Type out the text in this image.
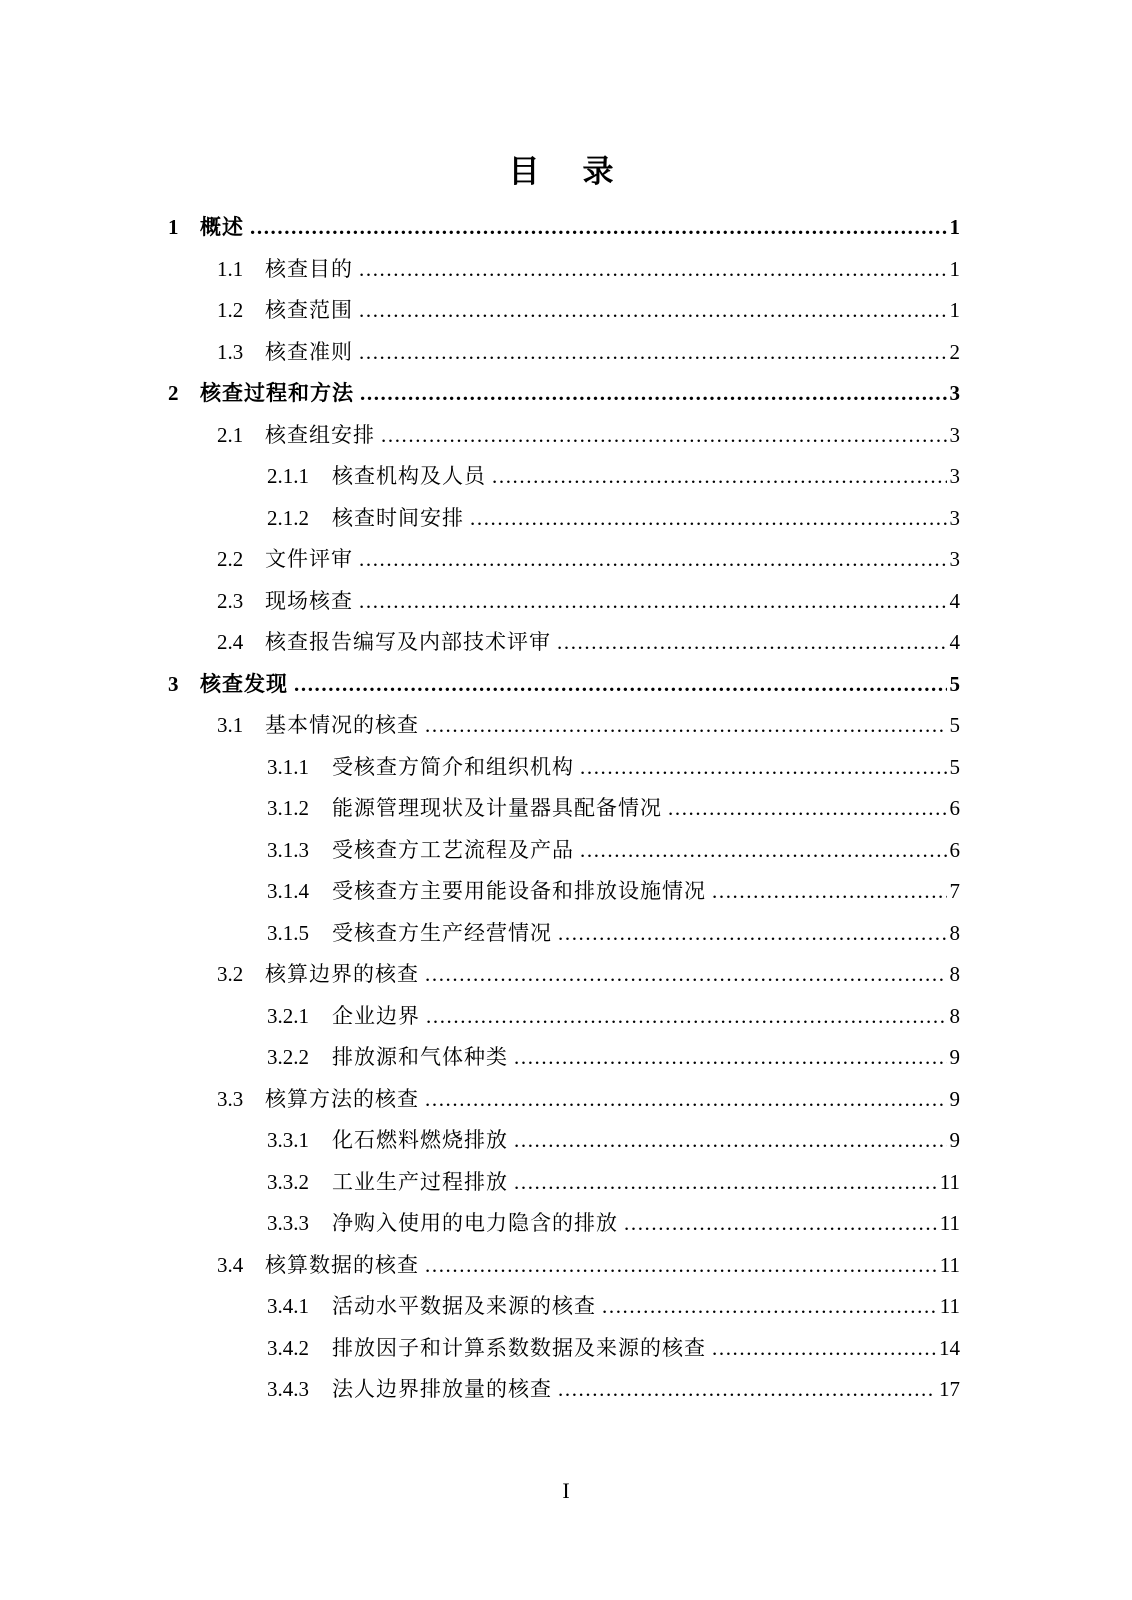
目　录
1	概述 .....	1
1.1	核查目的 .....	1
1.2	核查范围 .....	1
1.3	核查准则 .....	2
2	核查过程和方法 .....	3
2.1	核查组安排 .....	3
2.1.1	核查机构及人员 .....	3
2.1.2	核查时间安排 .....	3
2.2	文件评审 .....	3
2.3	现场核查 .....	4
2.4	核查报告编写及内部技术评审 .....	4
3	核查发现 .....	5
3.1	基本情况的核查 .....	5
3.1.1	受核查方简介和组织机构 .....	5
3.1.2	能源管理现状及计量器具配备情况 .....	6
3.1.3	受核查方工艺流程及产品 .....	6
3.1.4	受核查方主要用能设备和排放设施情况 .....	7
3.1.5	受核查方生产经营情况 .....	8
3.2	核算边界的核查 .....	8
3.2.1	企业边界 .....	8
3.2.2	排放源和气体种类 .....	9
3.3	核算方法的核查 .....	9
3.3.1	化石燃料燃烧排放 .....	9
3.3.2	工业生产过程排放 .....	11
3.3.3	净购入使用的电力隐含的排放 .....	11
3.4	核算数据的核查 .....	11
3.4.1	活动水平数据及来源的核查 .....	11
3.4.2	排放因子和计算系数数据及来源的核查 .....	14
3.4.3	法人边界排放量的核查 .....	17
I
